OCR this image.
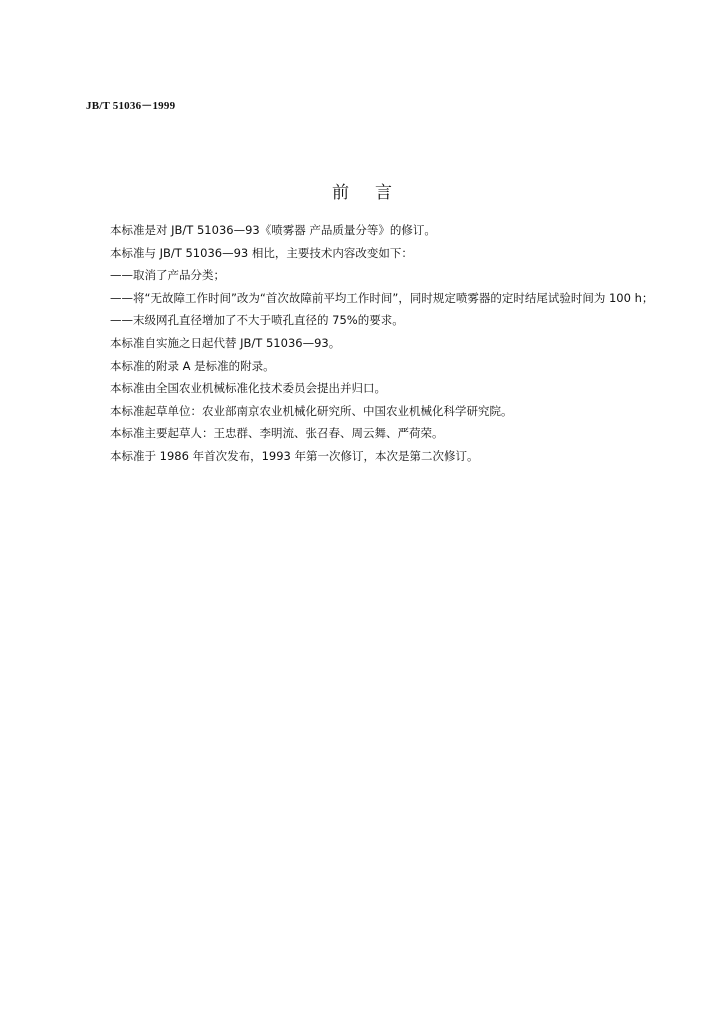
JB/T 51036－1999
前 言

本标准是对 JB/T 51036—93《喷雾器 产品质量分等》的修订。

本标准与 JB/T 51036—93 相比，主要技术内容改变如下：

——取消了产品分类；

——将“无故障工作时间”改为“首次故障前平均工作时间”，同时规定喷雾器的定时结尾试验时间为 100 h；

——末级网孔直径增加了不大于喷孔直径的 75%的要求。

本标准自实施之日起代替 JB/T 51036—93。

本标准的附录 A 是标准的附录。

本标准由全国农业机械标准化技术委员会提出并归口。

本标准起草单位：农业部南京农业机械化研究所、中国农业机械化科学研究院。

本标准主要起草人：王忠群、李明流、张召春、周云舞、严荷荣。

本标准于 1986 年首次发布，1993 年第一次修订，本次是第二次修订。
